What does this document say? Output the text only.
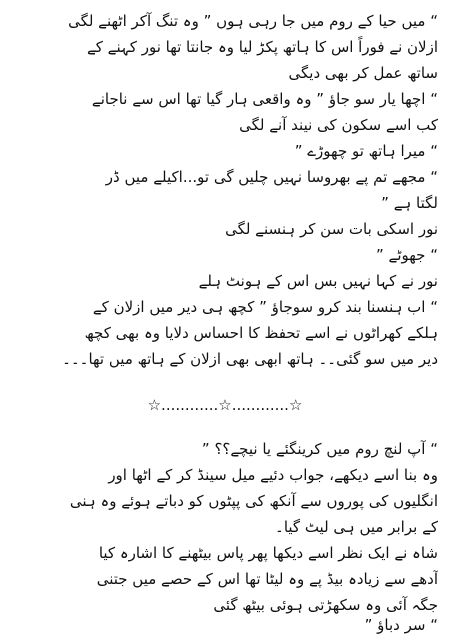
“ میں حیا کے روم میں جا رہی ہوں ” وہ تنگ آکر اٹھنے لگی
ازلان نے فوراً اس کا ہاتھ پکڑ لیا وہ جانتا تھا نور کہنے کے
ساتھ عمل کر بھی دیگی
“ اچھا یار سو جاؤ ” وہ واقعی ہار گیا تھا اس سے ناجانے
کب اسے سکون کی نیند آنے لگی
“ میرا ہاتھ تو چھوڑے ”
“ مجھے تم پے بھروسا نہیں چلیں گی تو...اکیلے میں ڈر
لگتا ہے ”
نور اسکی بات سن کر ہنسنے لگی
“ جھوٹے ”
نور نے کہا نہیں بس اس کے ہونٹ ہلے
“ اب ہنسنا بند کرو سوجاؤ ” کچھ ہی دیر میں ازلان کے
ہلکے کھراٹوں نے اسے تحفظ کا احساس دلایا وہ بھی کچھ
دیر میں سو گئی۔۔ ہاتھ ابھی بھی ازلان کے ہاتھ میں تھا۔۔۔
☆............☆............☆
“ آپ لنچ روم میں کرینگئے یا نیچے؟؟ ”
وہ بنا اسے دیکھے، جواب دئیے میل سینڈ کر کے اٹھا اور
انگلیوں کی پوروں سے آنکھ کی پپٹوں کو دباتے ہوئے وہ ہنی
کے برابر میں ہی لیٹ گیا۔
شاہ نے ایک نظر اسے دیکھا پھر پاس بیٹھنے کا اشارہ کیا
آدھے سے زیادہ بیڈ پے وہ لیٹا تھا اس کے حصے میں جتنی
جگہ آئی وہ سکھڑتی ہوئی بیٹھ گئی
“ سر دباؤ ”
